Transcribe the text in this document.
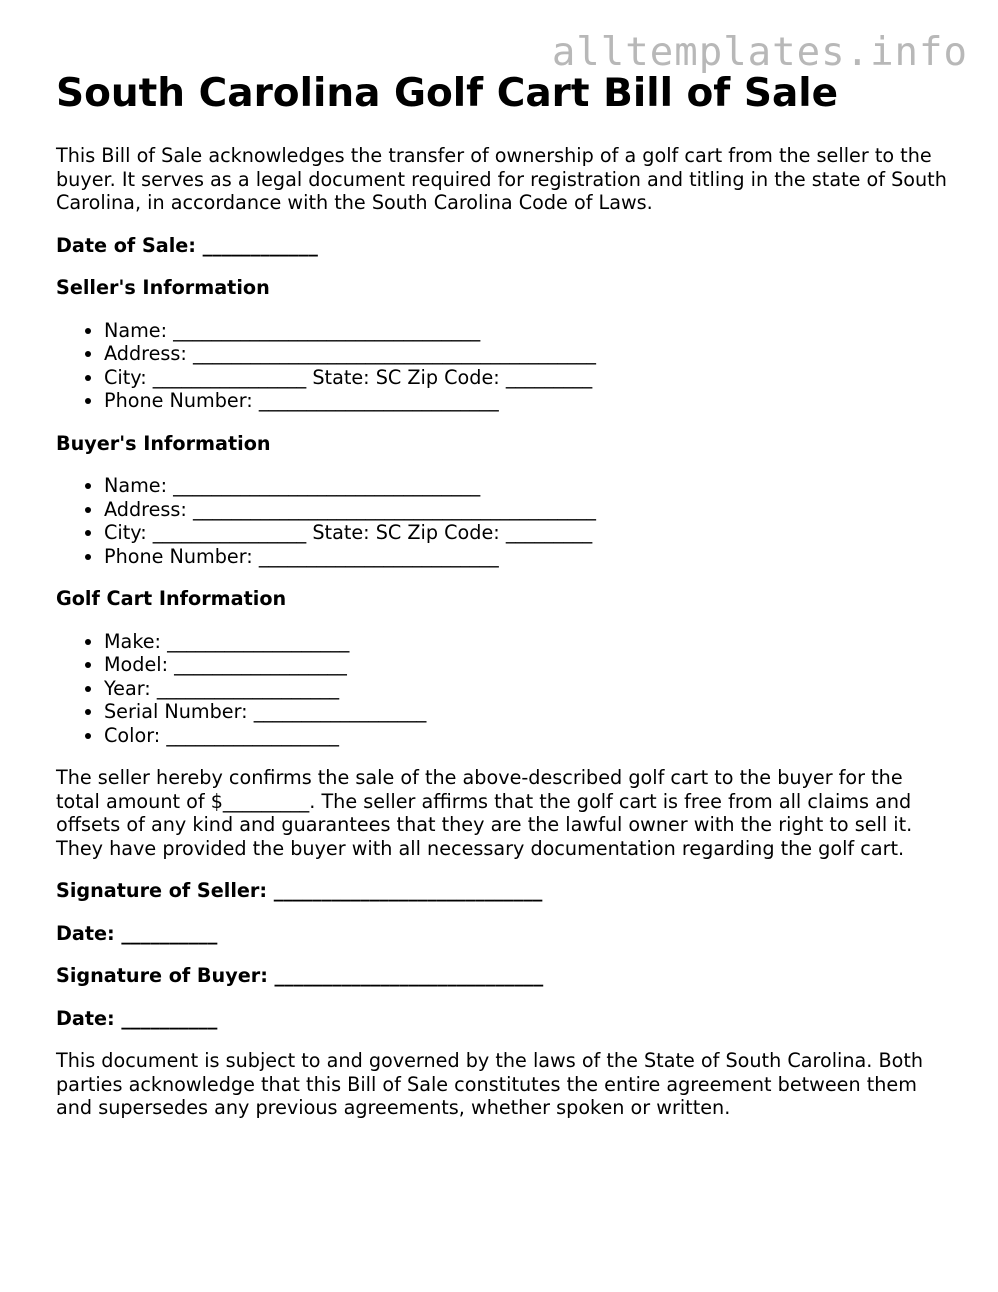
alltemplates.info
South Carolina Golf Cart Bill of Sale

This Bill of Sale acknowledges the transfer of ownership of a golf cart from the seller to the buyer. It serves as a legal document required for registration and titling in the state of South Carolina, in accordance with the South Carolina Code of Laws.

Date of Sale: ____________

Seller's Information

• Name: ________________________________
• Address: __________________________________________
• City: ________________ State: SC Zip Code: _________
• Phone Number: _________________________

Buyer's Information

• Name: ________________________________
• Address: __________________________________________
• City: ________________ State: SC Zip Code: _________
• Phone Number: _________________________

Golf Cart Information

• Make: ___________________
• Model: __________________
• Year: ___________________
• Serial Number: __________________
• Color: __________________

The seller hereby confirms the sale of the above-described golf cart to the buyer for the total amount of $_________. The seller affirms that the golf cart is free from all claims and offsets of any kind and guarantees that they are the lawful owner with the right to sell it. They have provided the buyer with all necessary documentation regarding the golf cart.

Signature of Seller: ____________________________

Date: __________

Signature of Buyer: ____________________________

Date: __________

This document is subject to and governed by the laws of the State of South Carolina. Both parties acknowledge that this Bill of Sale constitutes the entire agreement between them and supersedes any previous agreements, whether spoken or written.
